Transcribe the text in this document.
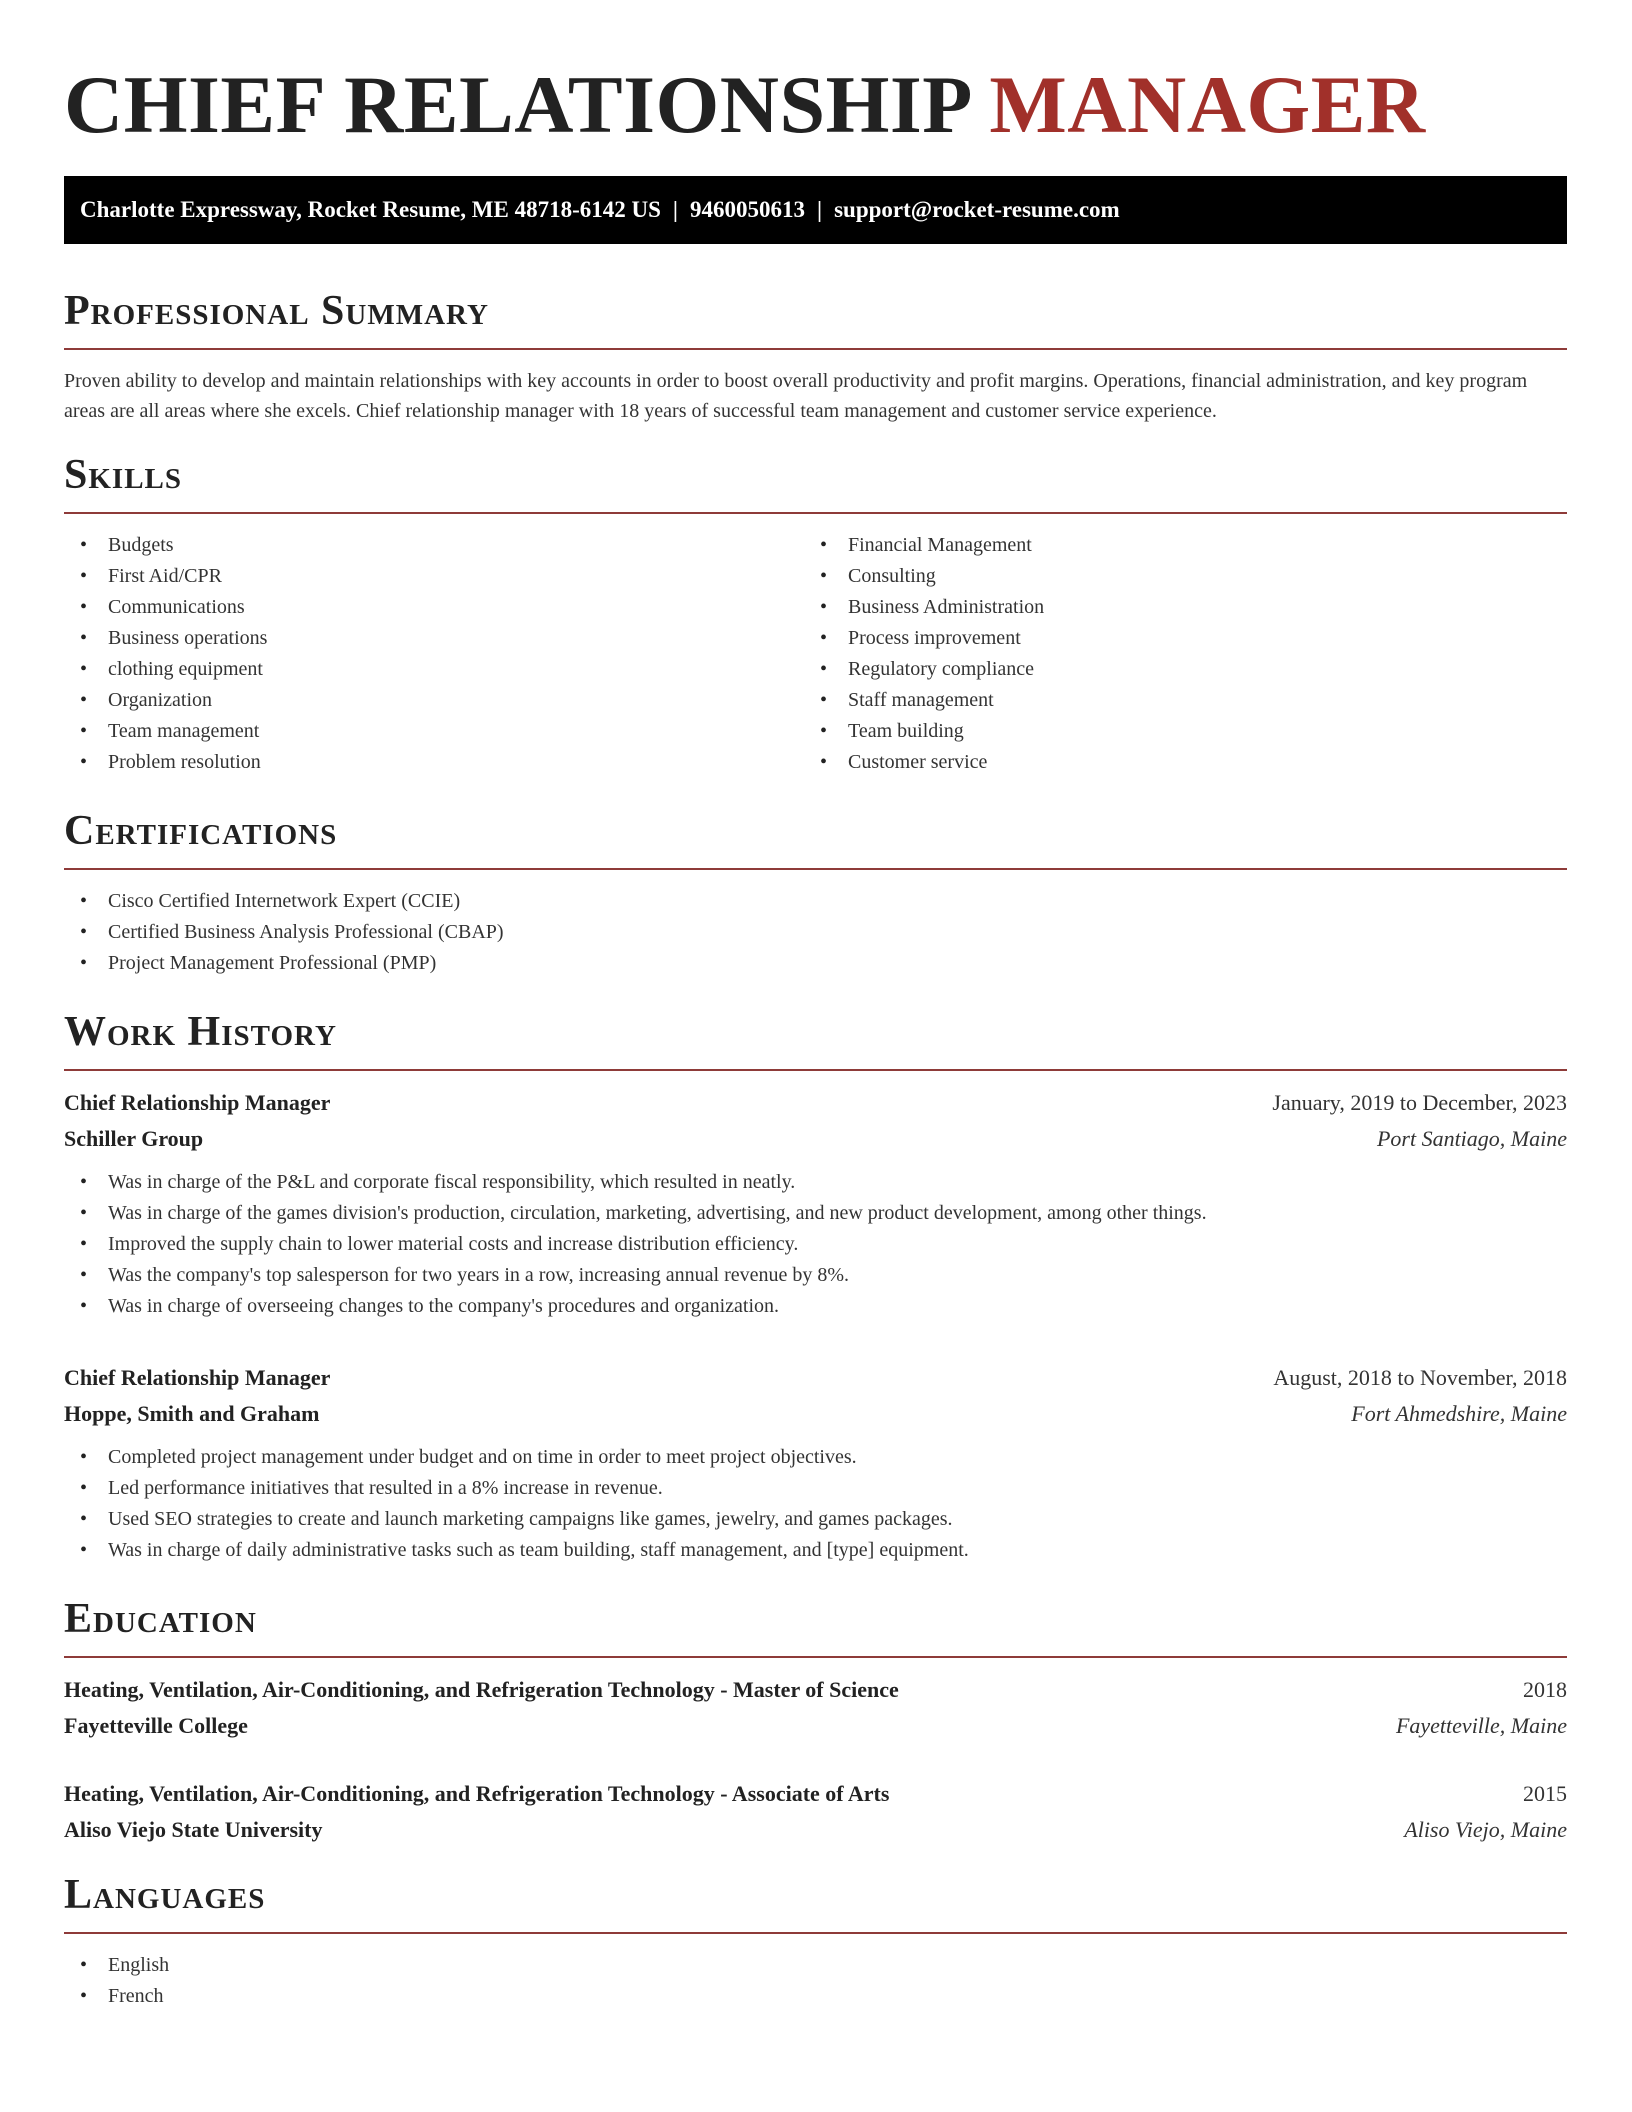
CHIEF RELATIONSHIP MANAGER
Charlotte Expressway, Rocket Resume, ME 48718-6142 US | 9460050613 | support@rocket-resume.com
Professional Summary

Proven ability to develop and maintain relationships with key accounts in order to boost overall productivity and profit margins. Operations, financial administration, and key program areas are all areas where she excels. Chief relationship manager with 18 years of successful team management and customer service experience.

Skills
• Budgets
• First Aid/CPR
• Communications
• Business operations
• clothing equipment
• Organization
• Team management
• Problem resolution
• Financial Management
• Consulting
• Business Administration
• Process improvement
• Regulatory compliance
• Staff management
• Team building
• Customer service
Certifications
• Cisco Certified Internetwork Expert (CCIE)
• Certified Business Analysis Professional (CBAP)
• Project Management Professional (PMP)
Work History
Chief Relationship Manager	January, 2019 to December, 2023
Schiller Group	Port Santiago, Maine
• Was in charge of the P&L and corporate fiscal responsibility, which resulted in neatly.
• Was in charge of the games division's production, circulation, marketing, advertising, and new product development, among other things.
• Improved the supply chain to lower material costs and increase distribution efficiency.
• Was the company's top salesperson for two years in a row, increasing annual revenue by 8%.
• Was in charge of overseeing changes to the company's procedures and organization.
Chief Relationship Manager	August, 2018 to November, 2018
Hoppe, Smith and Graham	Fort Ahmedshire, Maine
• Completed project management under budget and on time in order to meet project objectives.
• Led performance initiatives that resulted in a 8% increase in revenue.
• Used SEO strategies to create and launch marketing campaigns like games, jewelry, and games packages.
• Was in charge of daily administrative tasks such as team building, staff management, and [type] equipment.
Education
Heating, Ventilation, Air-Conditioning, and Refrigeration Technology - Master of Science	2018
Fayetteville College	Fayetteville, Maine
Heating, Ventilation, Air-Conditioning, and Refrigeration Technology - Associate of Arts	2015
Aliso Viejo State University	Aliso Viejo, Maine
Languages
• English
• French
